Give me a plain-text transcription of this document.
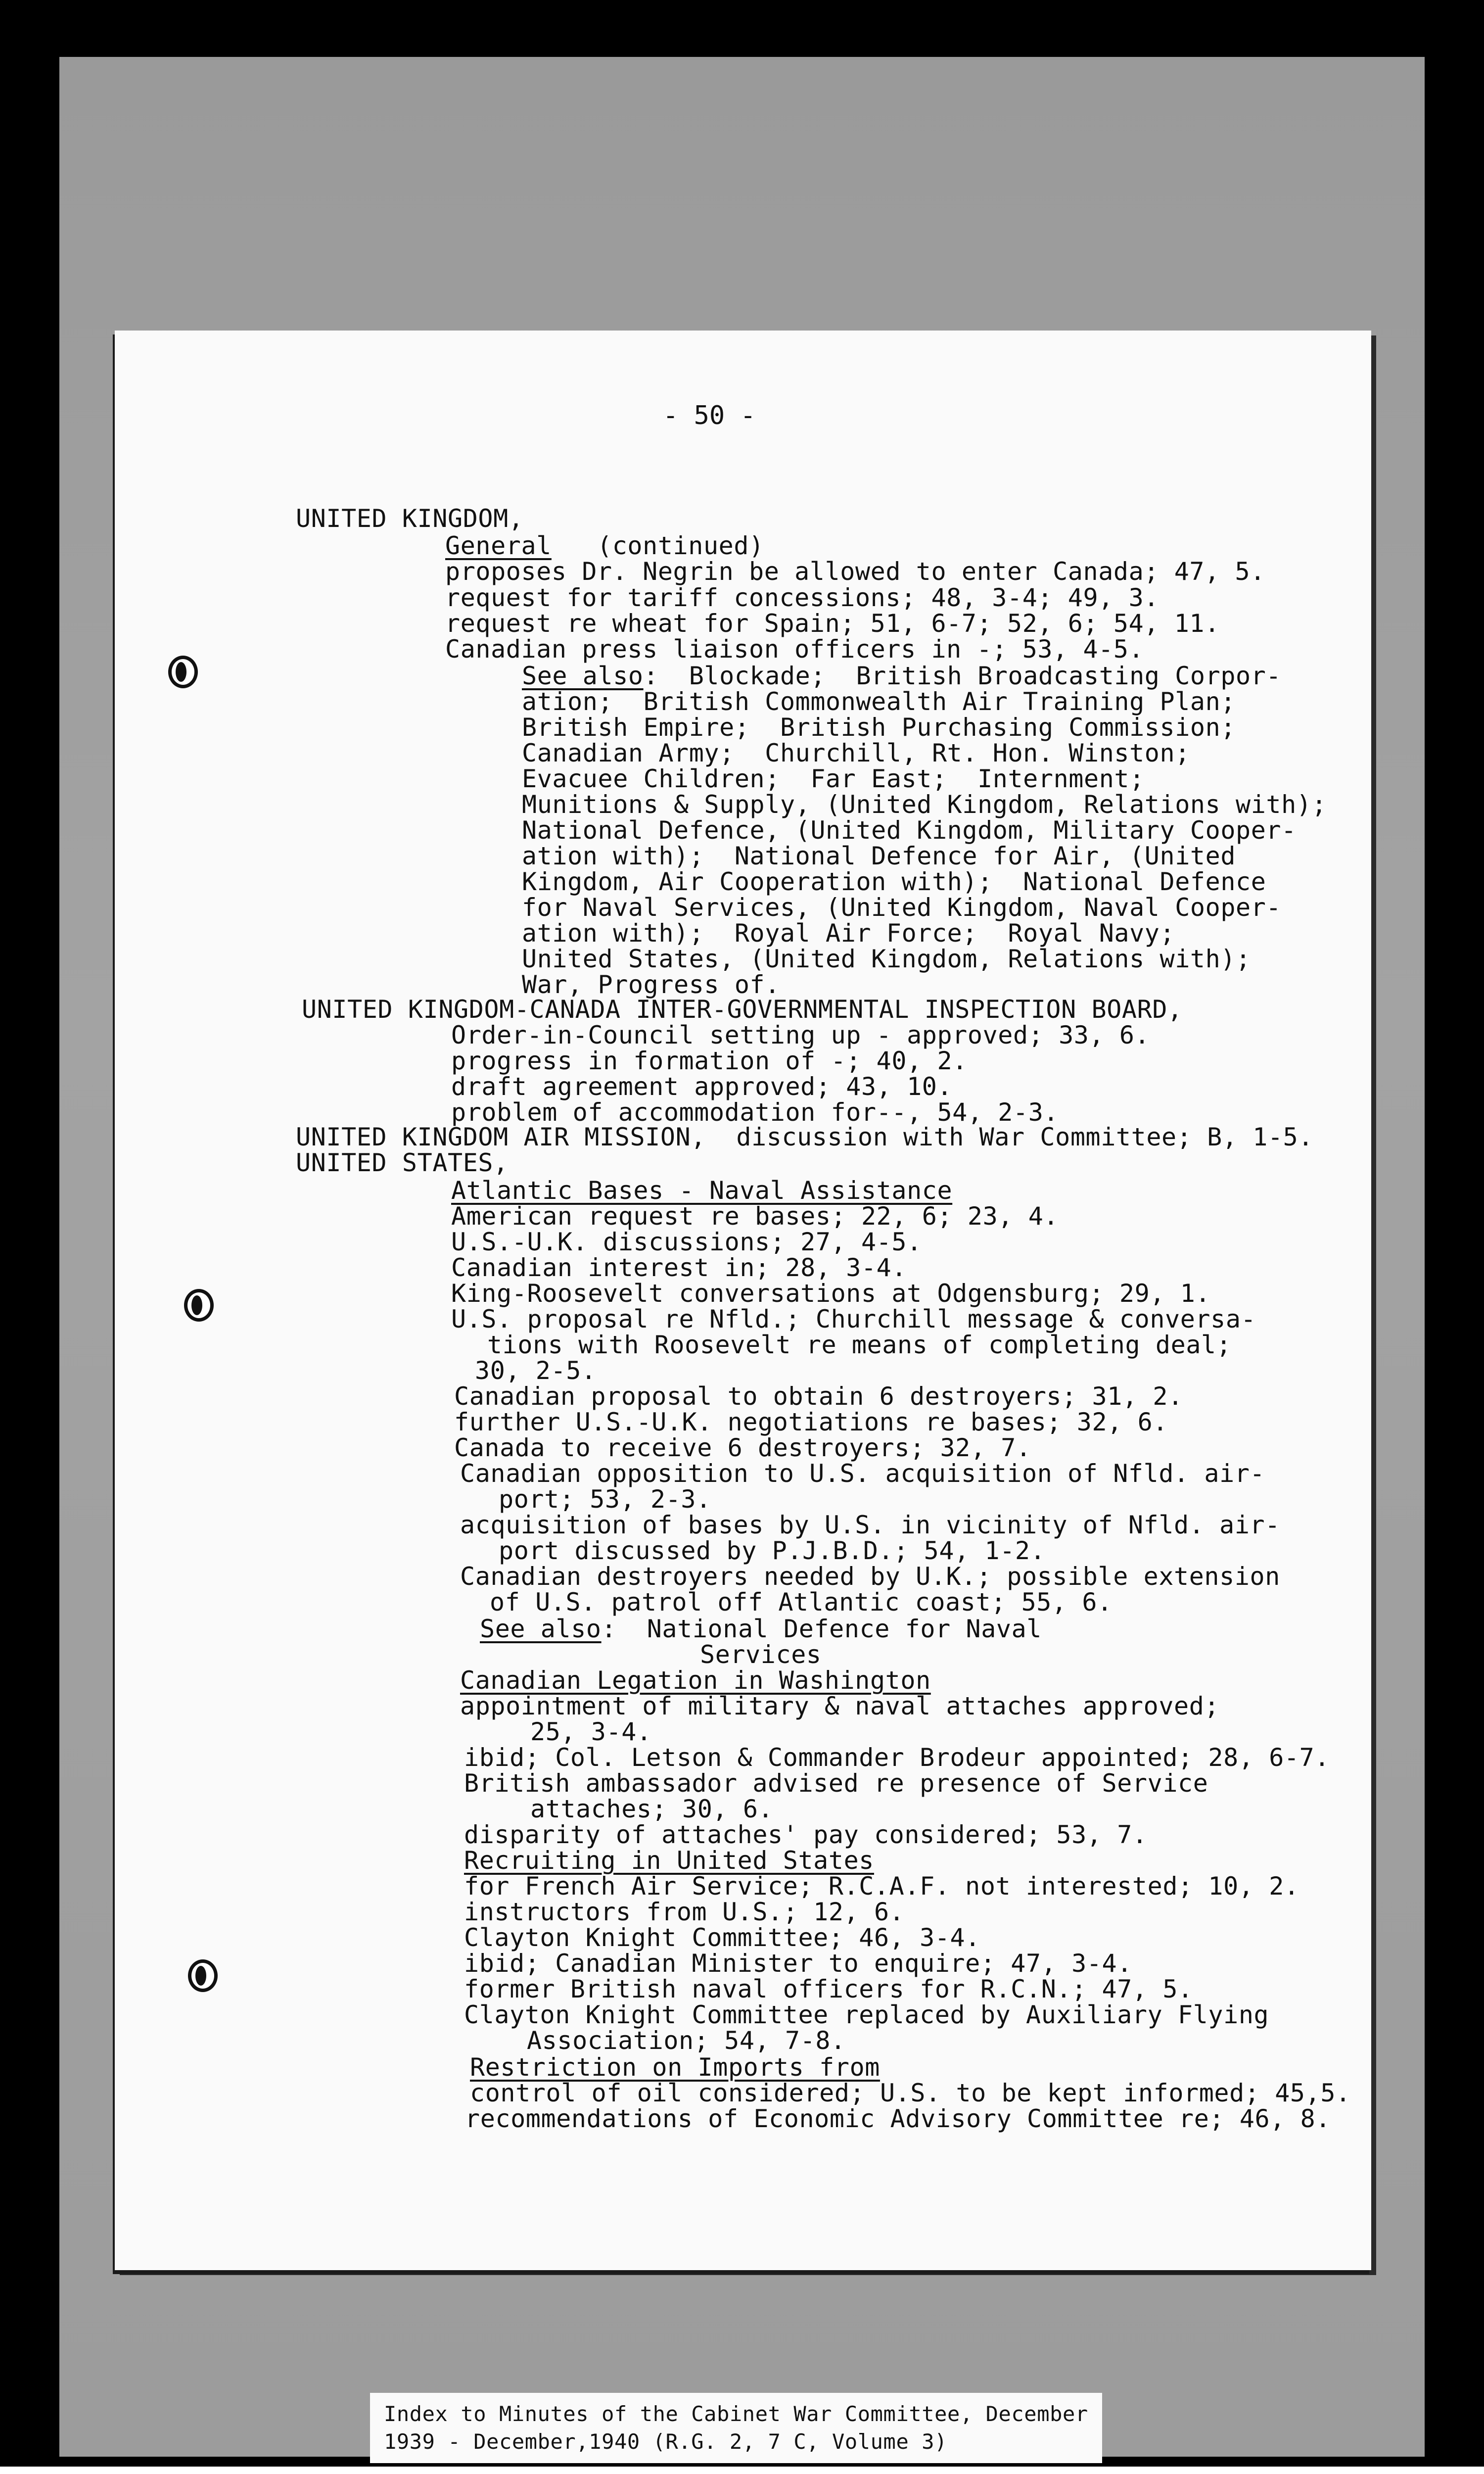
- 50 -
UNITED KINGDOM,
General   (continued)
proposes Dr. Negrin be allowed to enter Canada; 47, 5.
request for tariff concessions; 48, 3-4; 49, 3.
request re wheat for Spain; 51, 6-7; 52, 6; 54, 11.
Canadian press liaison officers in -; 53, 4-5.
See also:  Blockade;  British Broadcasting Corpor-
ation;  British Commonwealth Air Training Plan;
British Empire;  British Purchasing Commission;
Canadian Army;  Churchill, Rt. Hon. Winston;
Evacuee Children;  Far East;  Internment;
Munitions & Supply, (United Kingdom, Relations with);
National Defence, (United Kingdom, Military Cooper-
ation with);  National Defence for Air, (United
Kingdom, Air Cooperation with);  National Defence
for Naval Services, (United Kingdom, Naval Cooper-
ation with);  Royal Air Force;  Royal Navy;
United States, (United Kingdom, Relations with);
War, Progress of.
UNITED KINGDOM-CANADA INTER-GOVERNMENTAL INSPECTION BOARD,
Order-in-Council setting up - approved; 33, 6.
progress in formation of -; 40, 2.
draft agreement approved; 43, 10.
problem of accommodation for--, 54, 2-3.
UNITED KINGDOM AIR MISSION,  discussion with War Committee; B, 1-5.
UNITED STATES,
Atlantic Bases - Naval Assistance
American request re bases; 22, 6; 23, 4.
U.S.-U.K. discussions; 27, 4-5.
Canadian interest in; 28, 3-4.
King-Roosevelt conversations at Odgensburg; 29, 1.
U.S. proposal re Nfld.; Churchill message & conversa-
tions with Roosevelt re means of completing deal;
30, 2-5.
Canadian proposal to obtain 6 destroyers; 31, 2.
further U.S.-U.K. negotiations re bases; 32, 6.
Canada to receive 6 destroyers; 32, 7.
Canadian opposition to U.S. acquisition of Nfld. air-
port; 53, 2-3.
acquisition of bases by U.S. in vicinity of Nfld. air-
port discussed by P.J.B.D.; 54, 1-2.
Canadian destroyers needed by U.K.; possible extension
of U.S. patrol off Atlantic coast; 55, 6.
See also:  National Defence for Naval
Services
Canadian Legation in Washington
appointment of military & naval attaches approved;
25, 3-4.
ibid; Col. Letson & Commander Brodeur appointed; 28, 6-7.
British ambassador advised re presence of Service
attaches; 30, 6.
disparity of attaches' pay considered; 53, 7.
Recruiting in United States
for French Air Service; R.C.A.F. not interested; 10, 2.
instructors from U.S.; 12, 6.
Clayton Knight Committee; 46, 3-4.
ibid; Canadian Minister to enquire; 47, 3-4.
former British naval officers for R.C.N.; 47, 5.
Clayton Knight Committee replaced by Auxiliary Flying
Association; 54, 7-8.
Restriction on Imports from
control of oil considered; U.S. to be kept informed; 45,5.
recommendations of Economic Advisory Committee re; 46, 8.
Index to Minutes of the Cabinet War Committee, December
1939 - December,1940 (R.G. 2, 7 C, Volume 3)
